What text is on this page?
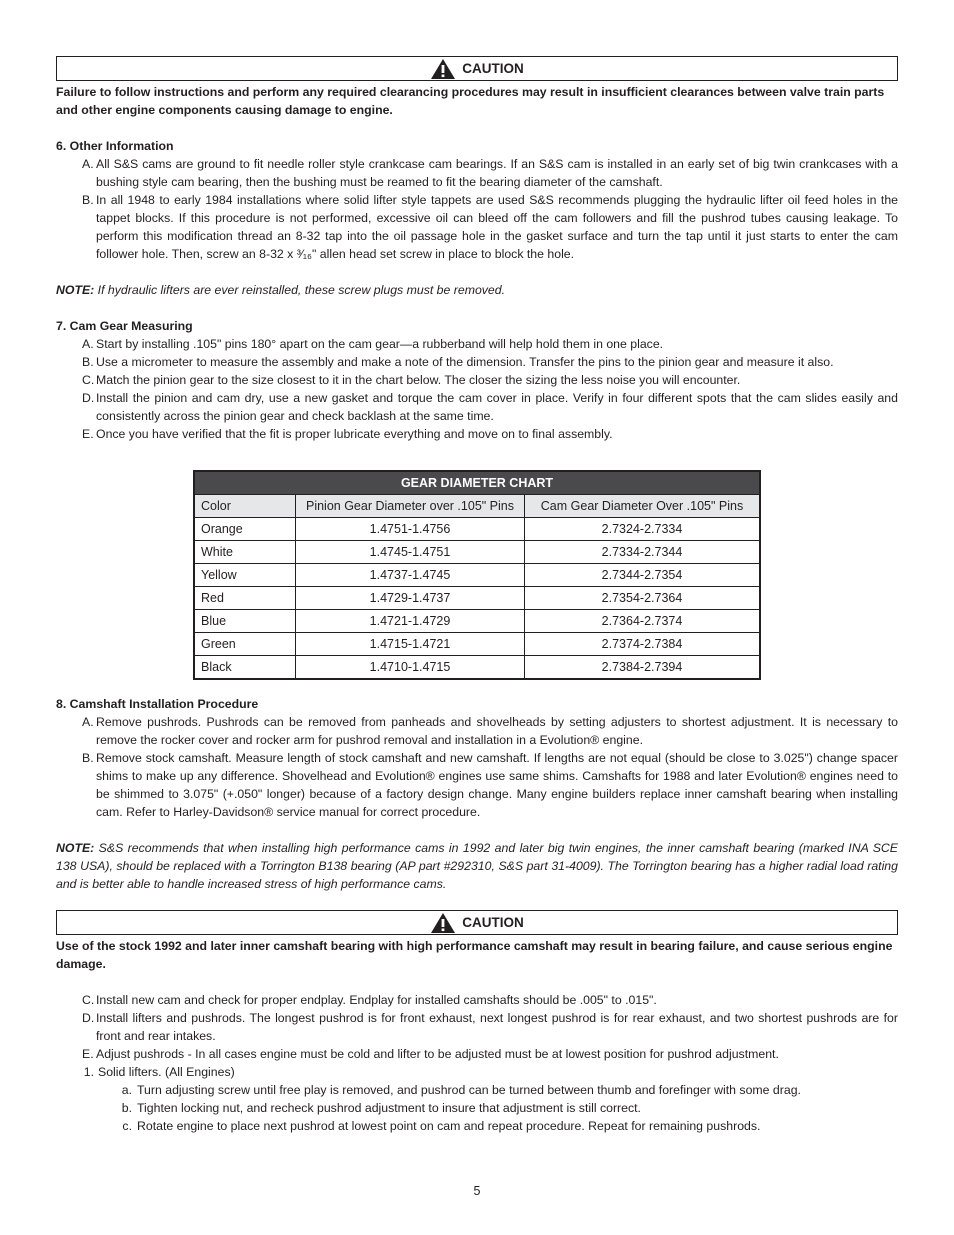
CAUTION
Failure to follow instructions and perform any required clearancing procedures may result in insufficient clearances between valve train parts and other engine components causing damage to engine.
6. Other Information
A. All S&S cams are ground to fit needle roller style crankcase cam bearings. If an S&S cam is installed in an early set of big twin crankcases with a bushing style cam bearing, then the bushing must be reamed to fit the bearing diameter of the camshaft.
B. In all 1948 to early 1984 installations where solid lifter style tappets are used S&S recommends plugging the hydraulic lifter oil feed holes in the tappet blocks. If this procedure is not performed, excessive oil can bleed off the cam followers and fill the pushrod tubes causing leakage. To perform this modification thread an 8-32 tap into the oil passage hole in the gasket surface and turn the tap until it just starts to enter the cam follower hole. Then, screw an 8-32 x ³⁄₁₆" allen head set screw in place to block the hole.
NOTE: If hydraulic lifters are ever reinstalled, these screw plugs must be removed.
7. Cam Gear Measuring
A. Start by installing .105" pins 180° apart on the cam gear—a rubberband will help hold them in one place.
B. Use a micrometer to measure the assembly and make a note of the dimension. Transfer the pins to the pinion gear and measure it also.
C. Match the pinion gear to the size closest to it in the chart below. The closer the sizing the less noise you will encounter.
D. Install the pinion and cam dry, use a new gasket and torque the cam cover in place. Verify in four different spots that the cam slides easily and consistently across the pinion gear and check backlash at the same time.
E. Once you have verified that the fit is proper lubricate everything and move on to final assembly.
GEAR DIAMETER CHART		
Color	Pinion Gear Diameter over .105" Pins	Cam Gear Diameter Over .105" Pins
Orange	1.4751-1.4756	2.7324-2.7334
White	1.4745-1.4751	2.7334-2.7344
Yellow	1.4737-1.4745	2.7344-2.7354
Red	1.4729-1.4737	2.7354-2.7364
Blue	1.4721-1.4729	2.7364-2.7374
Green	1.4715-1.4721	2.7374-2.7384
Black	1.4710-1.4715	2.7384-2.7394
8. Camshaft Installation Procedure
A. Remove pushrods. Pushrods can be removed from panheads and shovelheads by setting adjusters to shortest adjustment. It is necessary to remove the rocker cover and rocker arm for pushrod removal and installation in a Evolution® engine.
B. Remove stock camshaft. Measure length of stock camshaft and new camshaft. If lengths are not equal (should be close to 3.025") change spacer shims to make up any difference. Shovelhead and Evolution® engines use same shims. Camshafts for 1988 and later Evolution® engines need to be shimmed to 3.075" (+.050" longer) because of a factory design change. Many engine builders replace inner camshaft bearing when installing cam. Refer to Harley-Davidson® service manual for correct procedure.
NOTE: S&S recommends that when installing high performance cams in 1992 and later big twin engines, the inner camshaft bearing (marked INA SCE 138 USA), should be replaced with a Torrington B138 bearing (AP part #292310, S&S part 31-4009). The Torrington bearing has a higher radial load rating and is better able to handle increased stress of high performance cams.
CAUTION
Use of the stock 1992 and later inner camshaft bearing with high performance camshaft may result in bearing failure, and cause serious engine damage.
C. Install new cam and check for proper endplay. Endplay for installed camshafts should be .005" to .015".
D. Install lifters and pushrods. The longest pushrod is for front exhaust, next longest pushrod is for rear exhaust, and two shortest pushrods are for front and rear intakes.
E. Adjust pushrods - In all cases engine must be cold and lifter to be adjusted must be at lowest position for pushrod adjustment.
1. Solid lifters. (All Engines)
a. Turn adjusting screw until free play is removed, and pushrod can be turned between thumb and forefinger with some drag.
b. Tighten locking nut, and recheck pushrod adjustment to insure that adjustment is still correct.
c. Rotate engine to place next pushrod at lowest point on cam and repeat procedure. Repeat for remaining pushrods.
5
